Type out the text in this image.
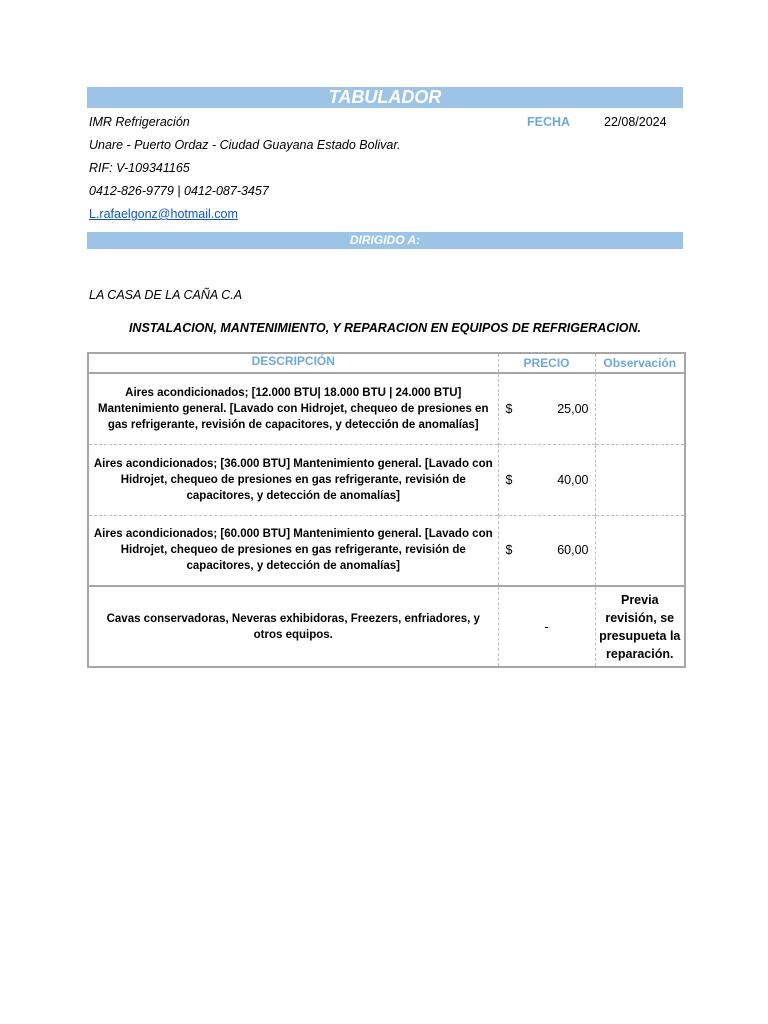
TABULADOR
IMR Refrigeración	FECHA	22/08/2024
Unare - Puerto Ordaz - Ciudad Guayana Estado Bolivar.
RIF: V-109341165
0412-826-9779 | 0412-087-3457
L.rafaelgonz@hotmail.com
DIRIGIDO A:
LA CASA DE LA CAÑA C.A
INSTALACION, MANTENIMIENTO, Y REPARACION EN EQUIPOS DE REFRIGERACION.
DESCRIPCIÓN	PRECIO	Observación
Aires acondicionados; [12.000 BTU| 18.000 BTU | 24.000 BTU] Mantenimiento general. [Lavado con Hidrojet, chequeo de presiones en gas refrigerante, revisión de capacitores, y detección de anomalías]	$ 25,00	

Aires acondicionados; [36.000 BTU] Mantenimiento general. [Lavado con Hidrojet, chequeo de presiones en gas refrigerante, revisión de capacitores, y detección de anomalías]	$ 40,00	

Aires acondicionados; [60.000 BTU] Mantenimiento general. [Lavado con Hidrojet, chequeo de presiones en gas refrigerante, revisión de capacitores, y detección de anomalías]	$ 60,00	

Cavas conservadoras, Neveras exhibidoras, Freezers, enfriadores, y otros equipos.	-	Previa revisión, se presupueta la reparación.
